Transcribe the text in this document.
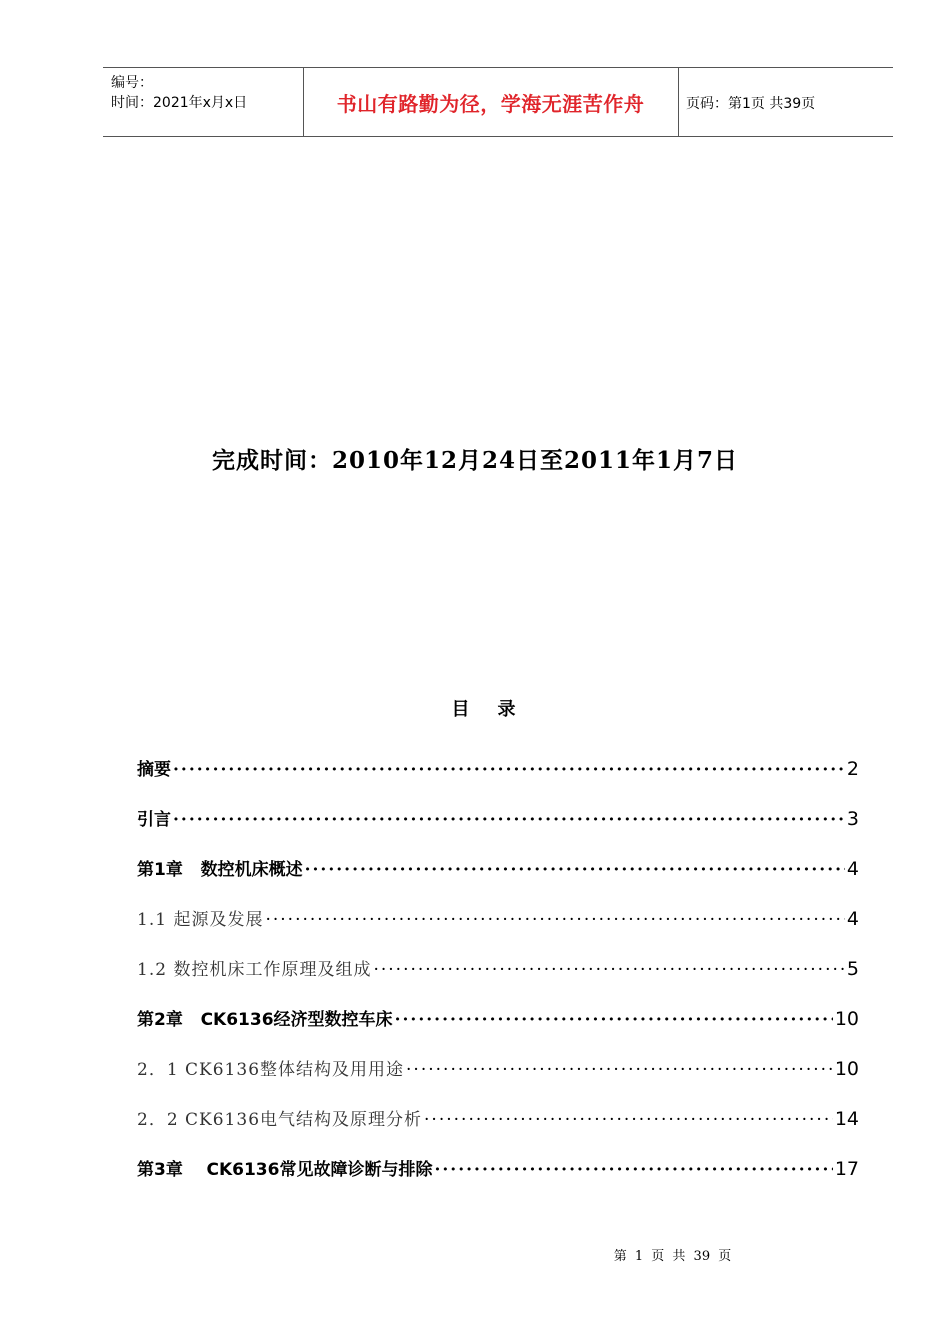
编号：
时间：2021年x月x日	书山有路勤为径，学海无涯苦作舟	页码：第1页 共39页
完成时间：2010年12月24日至2011年1月7日
目录
摘要 ·····	2
引言 ·····	3
第1章   数控机床概述 ·····	4
1.1 起源及发展 ·····	4
1.2 数控机床工作原理及组成 ·····	5
第2章   CK6136经济型数控车床 ·····	10
2．1 CK6136整体结构及用用途 ·····	10
2．2 CK6136电气结构及原理分析 ·····	14
第3章    CK6136常见故障诊断与排除 ·····	17
第 1 页 共 39 页
